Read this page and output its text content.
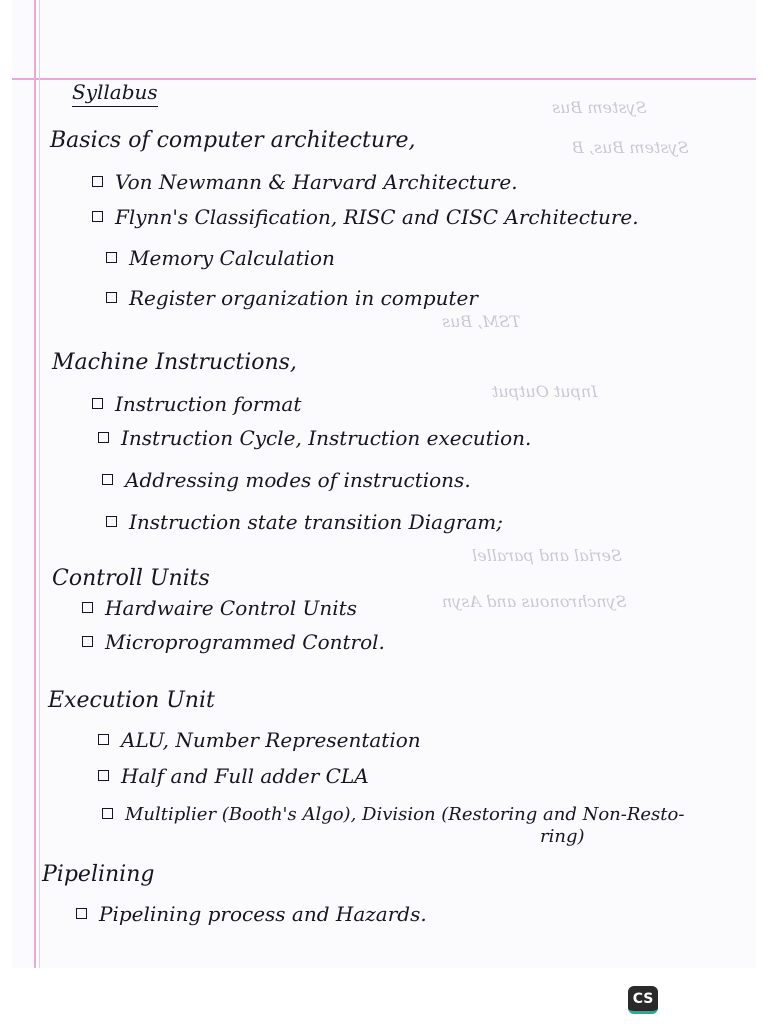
System Bus
System Bus, B
TSM, Bus
Input Output
Serial and parallel
Synchronous and Asyn
Syllabus
Basics of computer architecture,
Von Newmann & Harvard Architecture.
Flynn's Classification, RISC and CISC Architecture.
Memory Calculation
Register organization in computer
Machine Instructions,
Instruction format
Instruction Cycle, Instruction execution.
Addressing modes of instructions.
Instruction state transition Diagram;
Controll Units
Hardwaire Control Units
Microprogrammed Control.
Execution Unit
ALU, Number Representation
Half and Full adder CLA
Multiplier (Booth's Algo), Division (Restoring and Non-Resto-
ring)
Pipelining
Pipelining process and Hazards.
CS
